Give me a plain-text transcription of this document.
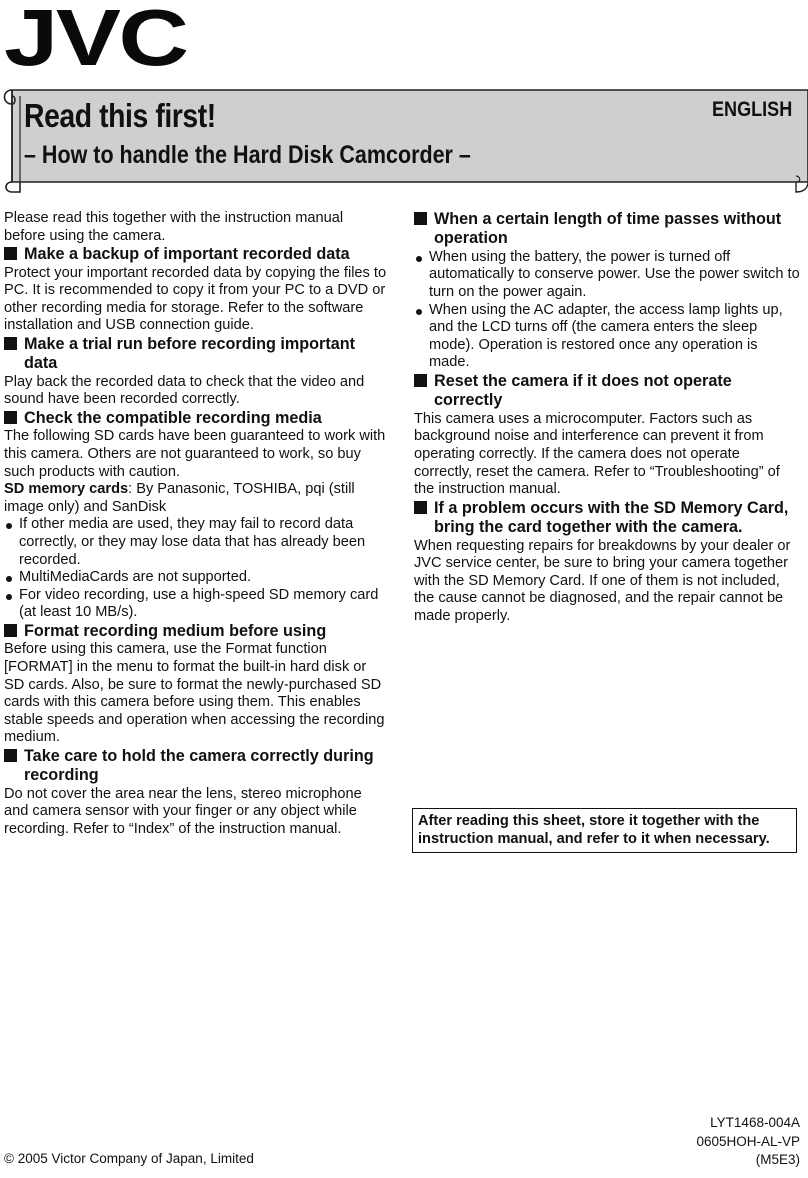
JVC
Read this first!
– How to handle the Hard Disk Camcorder –
ENGLISH

Please read this together with the instruction manual before using the camera.

Make a backup of important recorded data

Protect your important recorded data by copying the files to PC. It is recommended to copy it from your PC to a DVD or other recording media for storage. Refer to the software installation and USB connection guide.

Make a trial run before recording important data

Play back the recorded data to check that the video and sound have been recorded correctly.

Check the compatible recording media

The following SD cards have been guaranteed to work with this camera. Others are not guaranteed to work, so buy such products with caution.

SD memory cards: By Panasonic, TOSHIBA, pqi (still image only) and SanDisk

If other media are used, they may fail to record data correctly, or they may lose data that has already been recorded.
MultiMediaCards are not supported.
For video recording, use a high-speed SD memory card (at least 10 MB/s).
Format recording medium before using

Before using this camera, use the Format function [FORMAT] in the menu to format the built-in hard disk or SD cards. Also, be sure to format the newly-purchased SD cards with this camera before using them. This enables stable speeds and operation when accessing the recording medium.

Take care to hold the camera correctly during recording

Do not cover the area near the lens, stereo microphone and camera sensor with your finger or any object while recording. Refer to “Index” of the instruction manual.

When a certain length of time passes without operation
When using the battery, the power is turned off automatically to conserve power. Use the power switch to turn on the power again.
When using the AC adapter, the access lamp lights up, and the LCD turns off (the camera enters the sleep mode). Operation is restored once any operation is made.
Reset the camera if it does not operate correctly

This camera uses a microcomputer. Factors such as background noise and interference can prevent it from operating correctly. If the camera does not operate correctly, reset the camera. Refer to “Troubleshooting” of the instruction manual.

If a problem occurs with the SD Memory Card, bring the card together with the camera.

When requesting repairs for breakdowns by your dealer or JVC service center, be sure to bring your camera together with the SD Memory Card. If one of them is not included, the cause cannot be diagnosed, and the repair cannot be made properly.

After reading this sheet, store it together with the instruction manual, and refer to it when necessary.
© 2005 Victor Company of Japan, Limited
LYT1468-004A
0605HOH-AL-VP
(M5E3)
